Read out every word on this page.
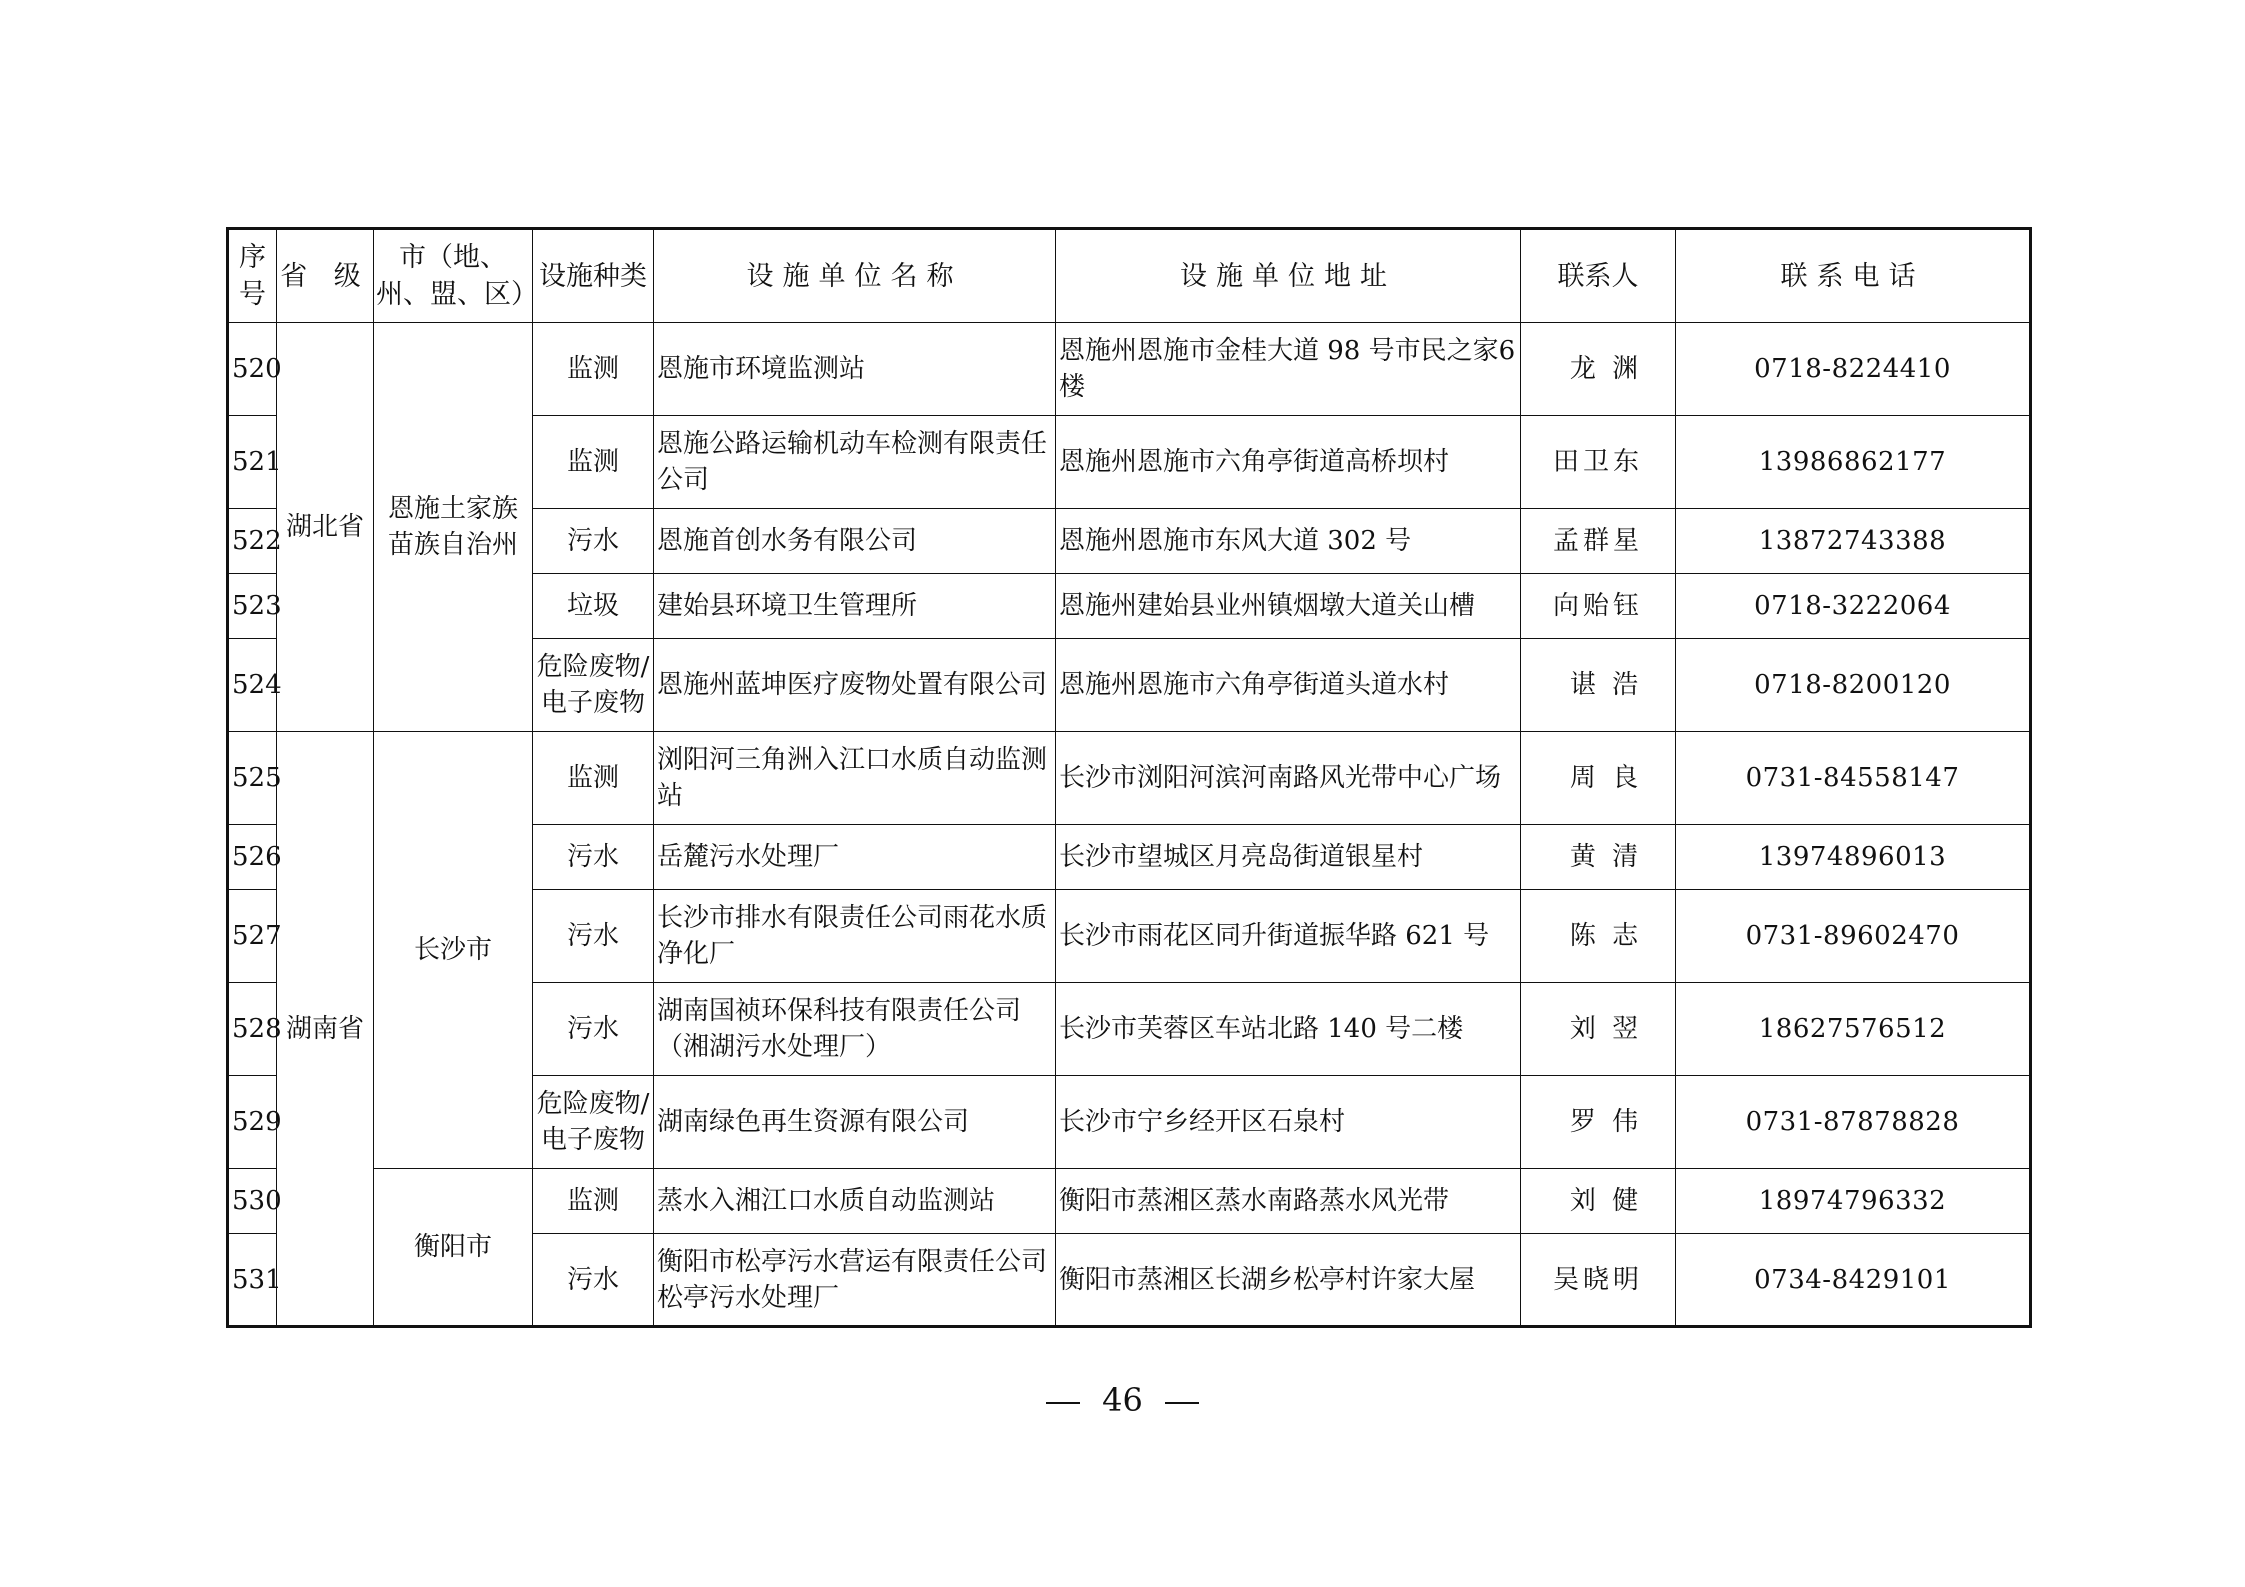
序号	省 级	市（地、州、盟、区）	设施种类	设施单位名称	设施单位地址	联系人	联系电话
520	湖北省	恩施土家族苗族自治州	监测	恩施市环境监测站	恩施州恩施市金桂大道 98 号市民之家6 楼	龙 渊	0718-8224410
521			监测	恩施公路运输机动车检测有限责任公司	恩施州恩施市六角亭街道高桥坝村	田卫东	13986862177
522			污水	恩施首创水务有限公司	恩施州恩施市东风大道 302 号	孟群星	13872743388
523			垃圾	建始县环境卫生管理所	恩施州建始县业州镇烟墩大道关山槽	向贻钰	0718-3222064
524			危险废物/电子废物	恩施州蓝坤医疗废物处置有限公司	恩施州恩施市六角亭街道头道水村	谌 浩	0718-8200120
525	湖南省	长沙市	监测	浏阳河三角洲入江口水质自动监测站	长沙市浏阳河滨河南路风光带中心广场	周 良	0731-84558147
526			污水	岳麓污水处理厂	长沙市望城区月亮岛街道银星村	黄 清	13974896013
527			污水	长沙市排水有限责任公司雨花水质净化厂	长沙市雨花区同升街道振华路 621 号	陈 志	0731-89602470
528			污水	湖南国祯环保科技有限责任公司（湘湖污水处理厂）	长沙市芙蓉区车站北路 140 号二楼	刘 翌	18627576512
529			危险废物/电子废物	湖南绿色再生资源有限公司	长沙市宁乡经开区石泉村	罗 伟	0731-87878828
530		衡阳市	监测	蒸水入湘江口水质自动监测站	衡阳市蒸湘区蒸水南路蒸水风光带	刘 健	18974796332
531			污水	衡阳市松亭污水营运有限责任公司松亭污水处理厂	衡阳市蒸湘区长湖乡松亭村许家大屋	吴晓明	0734-8429101
46
